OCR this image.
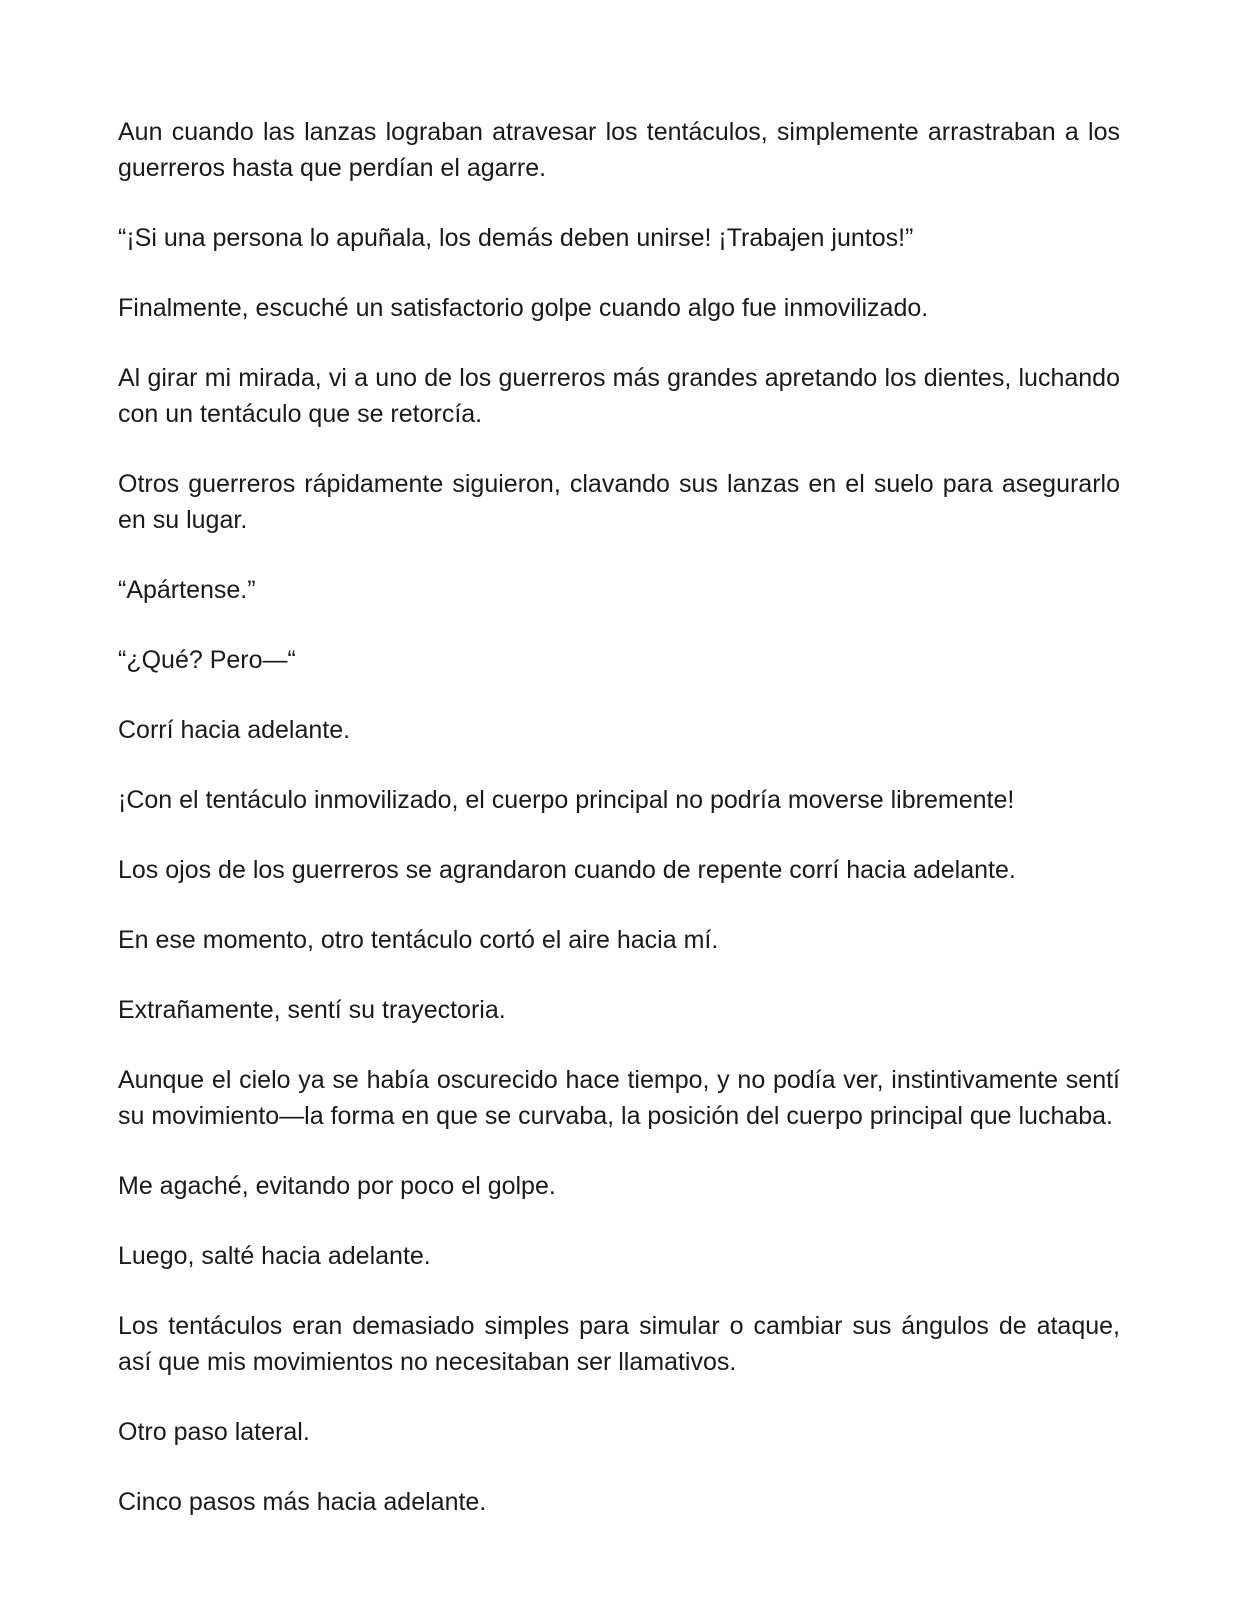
Aun cuando las lanzas lograban atravesar los tentáculos, simplemente arrastraban a los guerreros hasta que perdían el agarre.

“¡Si una persona lo apuñala, los demás deben unirse! ¡Trabajen juntos!”

Finalmente, escuché un satisfactorio golpe cuando algo fue inmovilizado.

Al girar mi mirada, vi a uno de los guerreros más grandes apretando los dientes, luchando con un tentáculo que se retorcía.

Otros guerreros rápidamente siguieron, clavando sus lanzas en el suelo para asegurarlo en su lugar.

“Apártense.”

“¿Qué? Pero—“

Corrí hacia adelante.

¡Con el tentáculo inmovilizado, el cuerpo principal no podría moverse libremente!

Los ojos de los guerreros se agrandaron cuando de repente corrí hacia adelante.

En ese momento, otro tentáculo cortó el aire hacia mí.

Extrañamente, sentí su trayectoria.

Aunque el cielo ya se había oscurecido hace tiempo, y no podía ver, instintivamente sentí su movimiento—la forma en que se curvaba, la posición del cuerpo principal que luchaba.

Me agaché, evitando por poco el golpe.

Luego, salté hacia adelante.

Los tentáculos eran demasiado simples para simular o cambiar sus ángulos de ataque, así que mis movimientos no necesitaban ser llamativos.

Otro paso lateral.

Cinco pasos más hacia adelante.
